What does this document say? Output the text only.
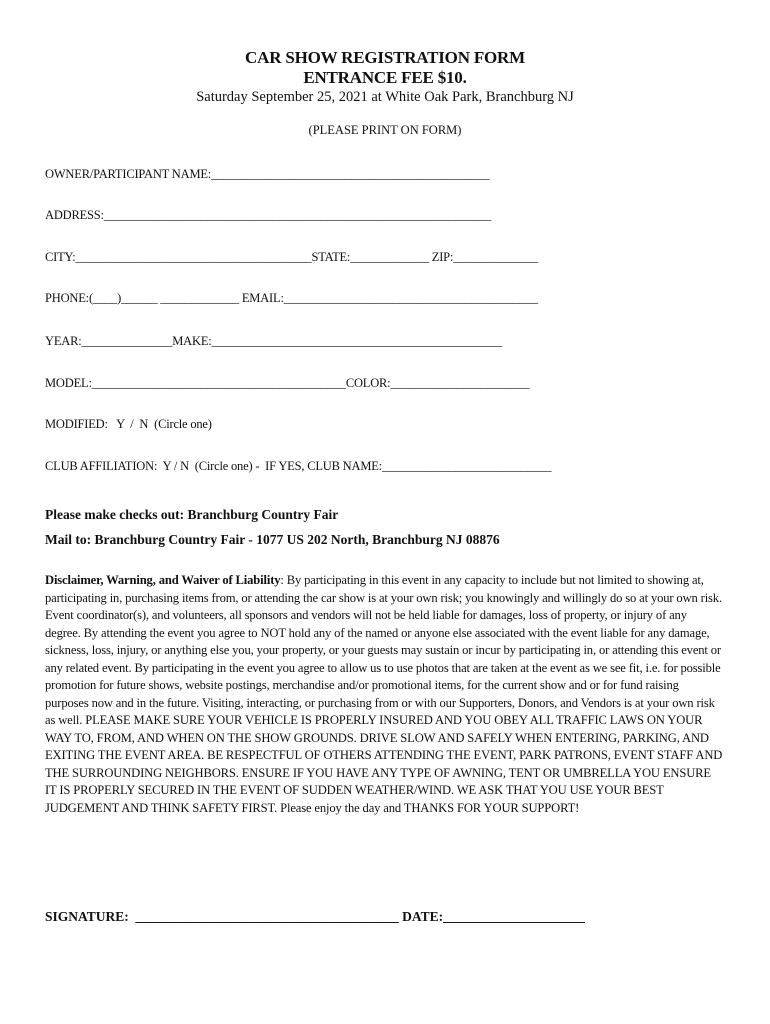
CAR SHOW REGISTRATION FORM
ENTRANCE FEE $10.
Saturday September 25, 2021 at White Oak Park, Branchburg NJ
(PLEASE PRINT ON FORM)
OWNER/PARTICIPANT NAME:______________________________________________
ADDRESS:________________________________________________________________
CITY:_______________________________________STATE:_____________ ZIP:______________
PHONE:(____)______ _____________ EMAIL:__________________________________________
YEAR:_______________MAKE:________________________________________________
MODEL:__________________________________________COLOR:_______________________
MODIFIED:   Y  /  N  (Circle one)
CLUB AFFILIATION:  Y / N  (Circle one) -  IF YES, CLUB NAME:____________________________
Please make checks out: Branchburg Country Fair
Mail to: Branchburg Country Fair - 1077 US 202 North, Branchburg NJ 08876
Disclaimer, Warning, and Waiver of Liability: By participating in this event in any capacity to include but not limited to showing at, participating in, purchasing items from, or attending the car show is at your own risk; you knowingly and willingly do so at your own risk. Event coordinator(s), and volunteers, all sponsors and vendors will not be held liable for damages, loss of property, or injury of any degree. By attending the event you agree to NOT hold any of the named or anyone else associated with the event liable for any damage, sickness, loss, injury, or anything else you, your property, or your guests may sustain or incur by participating in, or attending this event or any related event. By participating in the event you agree to allow us to use photos that are taken at the event as we see fit, i.e. for possible promotion for future shows, website postings, merchandise and/or promotional items, for the current show and or for fund raising purposes now and in the future. Visiting, interacting, or purchasing from or with our Supporters, Donors, and Vendors is at your own risk as well. PLEASE MAKE SURE YOUR VEHICLE IS PROPERLY INSURED AND YOU OBEY ALL TRAFFIC LAWS ON YOUR WAY TO, FROM, AND WHEN ON THE SHOW GROUNDS. DRIVE SLOW AND SAFELY WHEN ENTERING, PARKING, AND EXITING THE EVENT AREA. BE RESPECTFUL OF OTHERS ATTENDING THE EVENT, PARK PATRONS, EVENT STAFF AND THE SURROUNDING NEIGHBORS. ENSURE IF YOU HAVE ANY TYPE OF AWNING, TENT OR UMBRELLA YOU ENSURE IT IS PROPERLY SECURED IN THE EVENT OF SUDDEN WEATHER/WIND. WE ASK THAT YOU USE YOUR BEST JUDGEMENT AND THINK SAFETY FIRST. Please enjoy the day and THANKS FOR YOUR SUPPORT!
SIGNATURE:  _______________________________________ DATE:_____________________
